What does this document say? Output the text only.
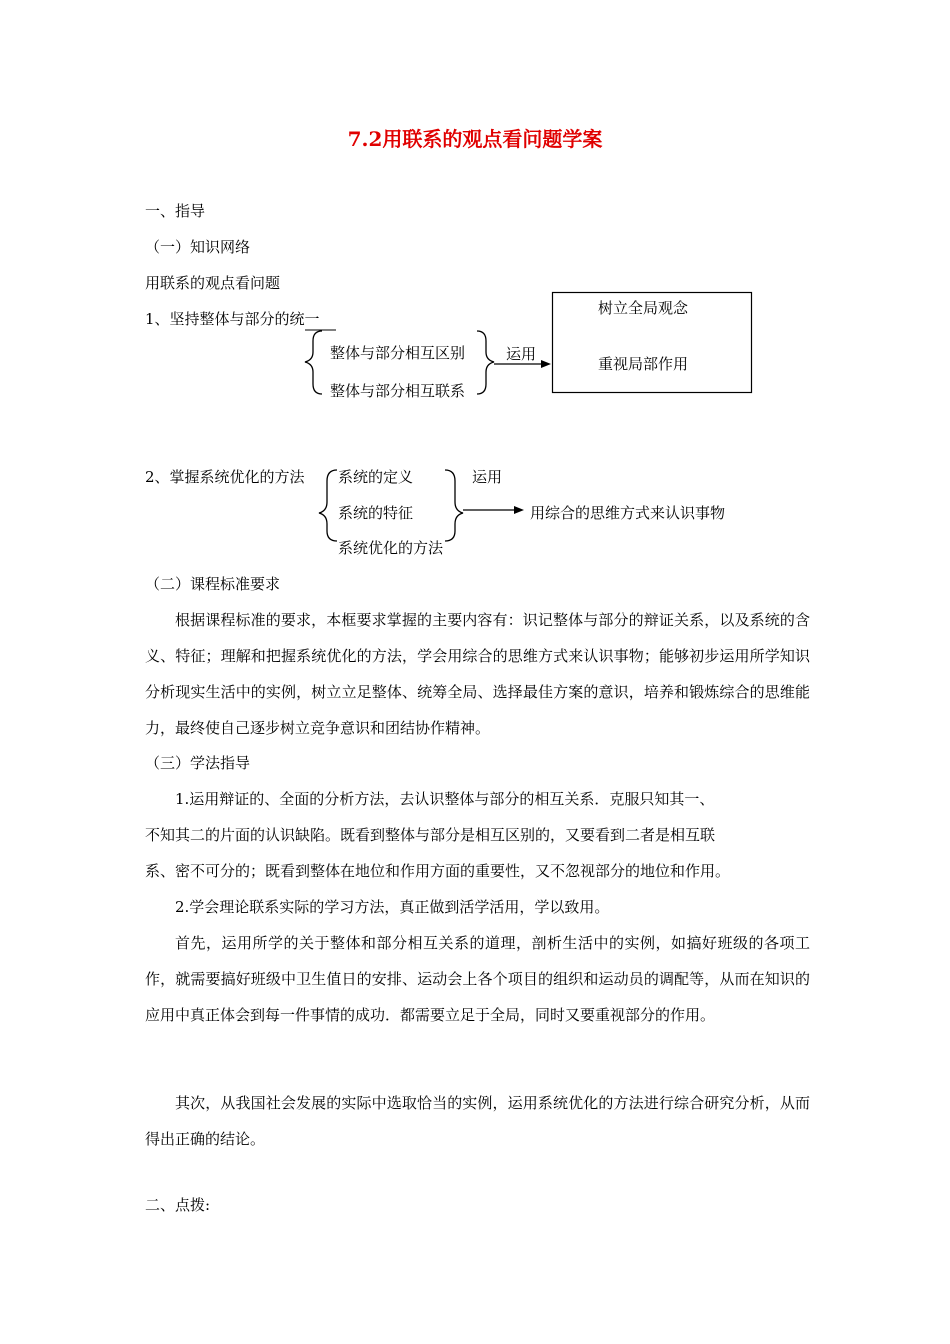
7.2用联系的观点看问题学案
一、指导
（一）知识网络
用联系的观点看问题
1、坚持整体与部分的统一
整体与部分相互区别
整体与部分相互联系
运用
树立全局观念
重视局部作用
2、掌握系统优化的方法 系统的定义
系统的特征
系统优化的方法
运用
用综合的思维方式来认识事物
（二）课程标准要求
根据课程标准的要求，本框要求掌握的主要内容有：识记整体与部分的辩证关系，以及系统的含义、特征；理解和把握系统优化的方法，学会用综合的思维方式来认识事物；能够初步运用所学知识分析现实生活中的实例，树立立足整体、统筹全局、选择最佳方案的意识，培养和锻炼综合的思维能力，最终使自己逐步树立竞争意识和团结协作精神。
（三）学法指导
1.运用辩证的、全面的分析方法，去认识整体与部分的相互关系．克服只知其一、
不知其二的片面的认识缺陷。既看到整体与部分是相互区别的，又要看到二者是相互联
系、密不可分的；既看到整体在地位和作用方面的重要性，又不忽视部分的地位和作用。
2.学会理论联系实际的学习方法，真正做到活学活用，学以致用。
首先，运用所学的关于整体和部分相互关系的道理，剖析生活中的实例，如搞好班级的各项工作，就需要搞好班级中卫生值日的安排、运动会上各个项目的组织和运动员的调配等，从而在知识的应用中真正体会到每一件事情的成功．都需要立足于全局，同时又要重视部分的作用。
其次，从我国社会发展的实际中选取恰当的实例，运用系统优化的方法进行综合研究分析，从而得出正确的结论。
二、点拨:
